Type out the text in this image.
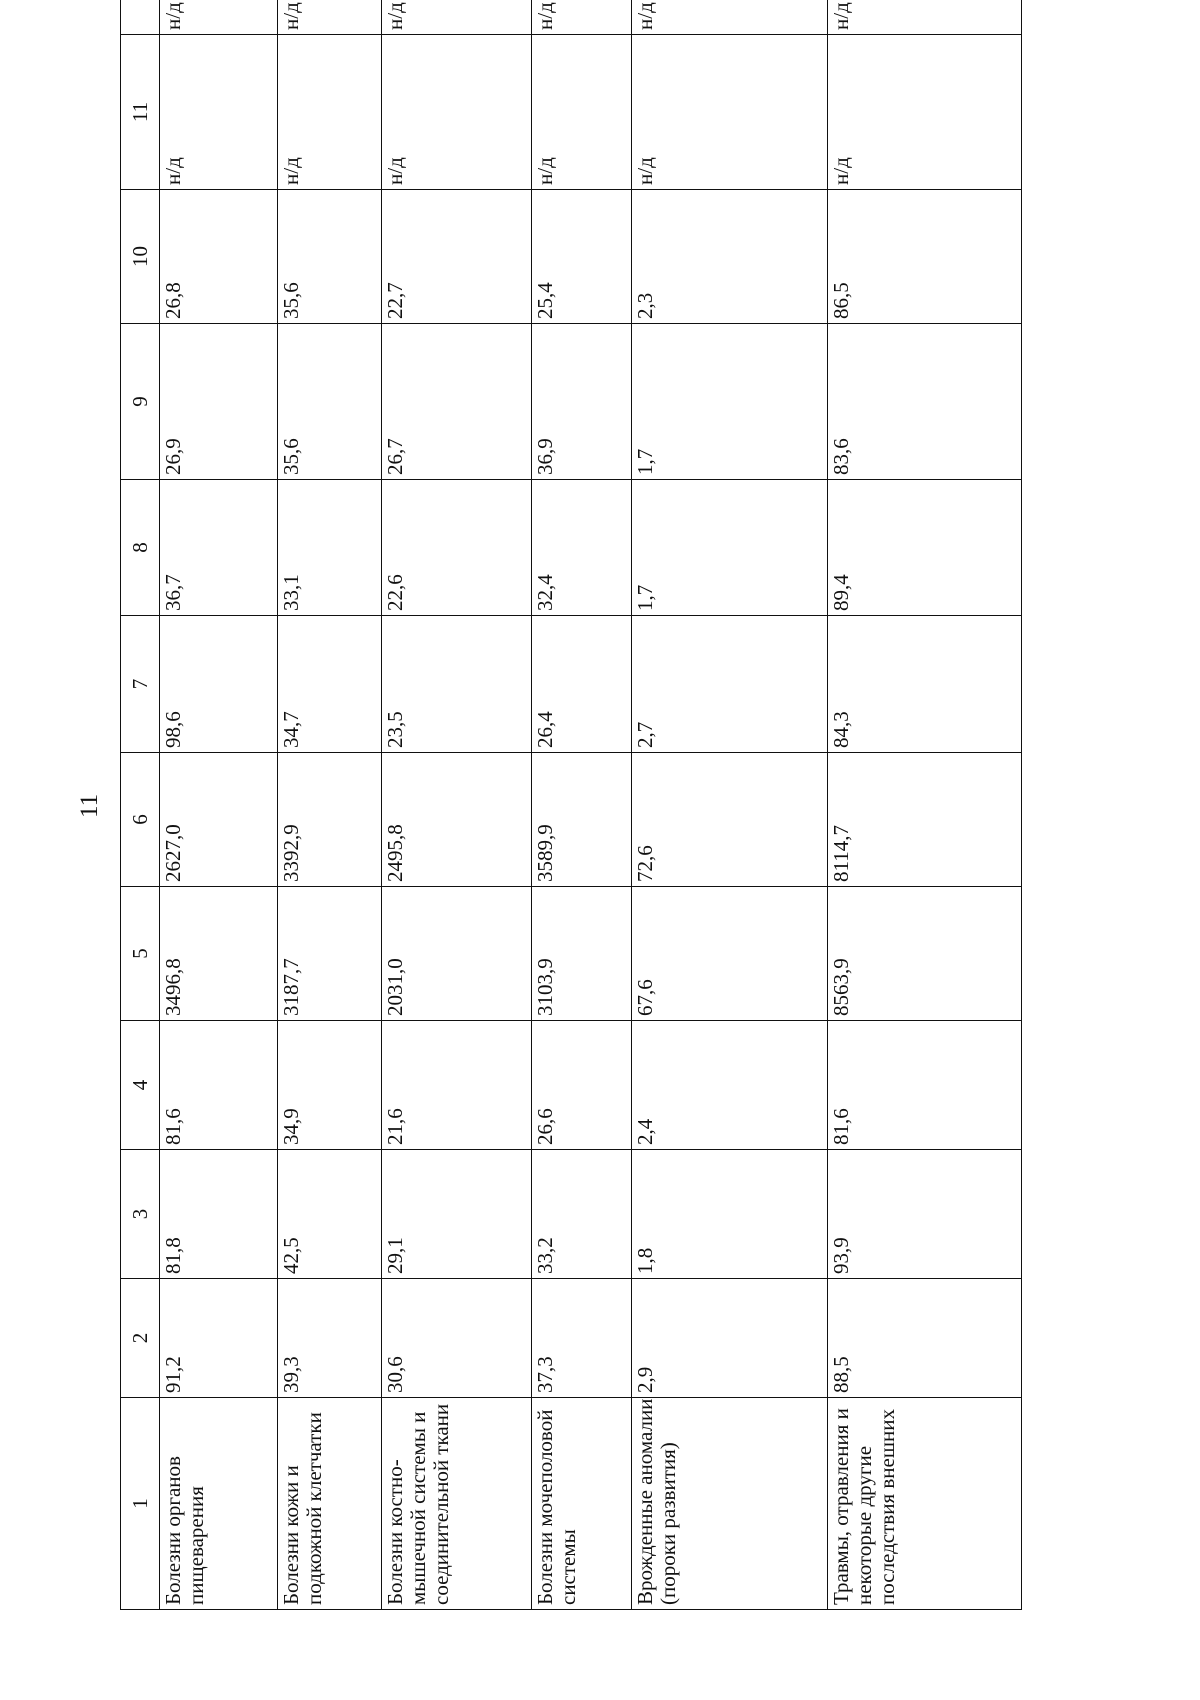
11
1	2	3	4	5	6	7	8	9	10	11	

Болезни органов пищеварения	91,2	81,8	81,6	3496,8	2627,0	98,6	36,7	26,9	26,8	н/д	н/д

Болезни кожи и подкожной клетчатки	39,3	42,5	34,9	3187,7	3392,9	34,7	33,1	35,6	35,6	н/д	н/д

Болезни костно-мышечной системы и соединительной ткани	30,6	29,1	21,6	2031,0	2495,8	23,5	22,6	26,7	22,7	н/д	н/д

Болезни мочеполовой системы	37,3	33,2	26,6	3103,9	3589,9	26,4	32,4	36,9	25,4	н/д	н/д

Врожденные аномалии (пороки развития)	2,9	1,8	2,4	67,6	72,6	2,7	1,7	1,7	2,3	н/д	н/д

Травмы, отравления и некоторые другие последствия внешних	88,5	93,9	81,6	8563,9	8114,7	84,3	89,4	83,6	86,5	н/д	н/д
